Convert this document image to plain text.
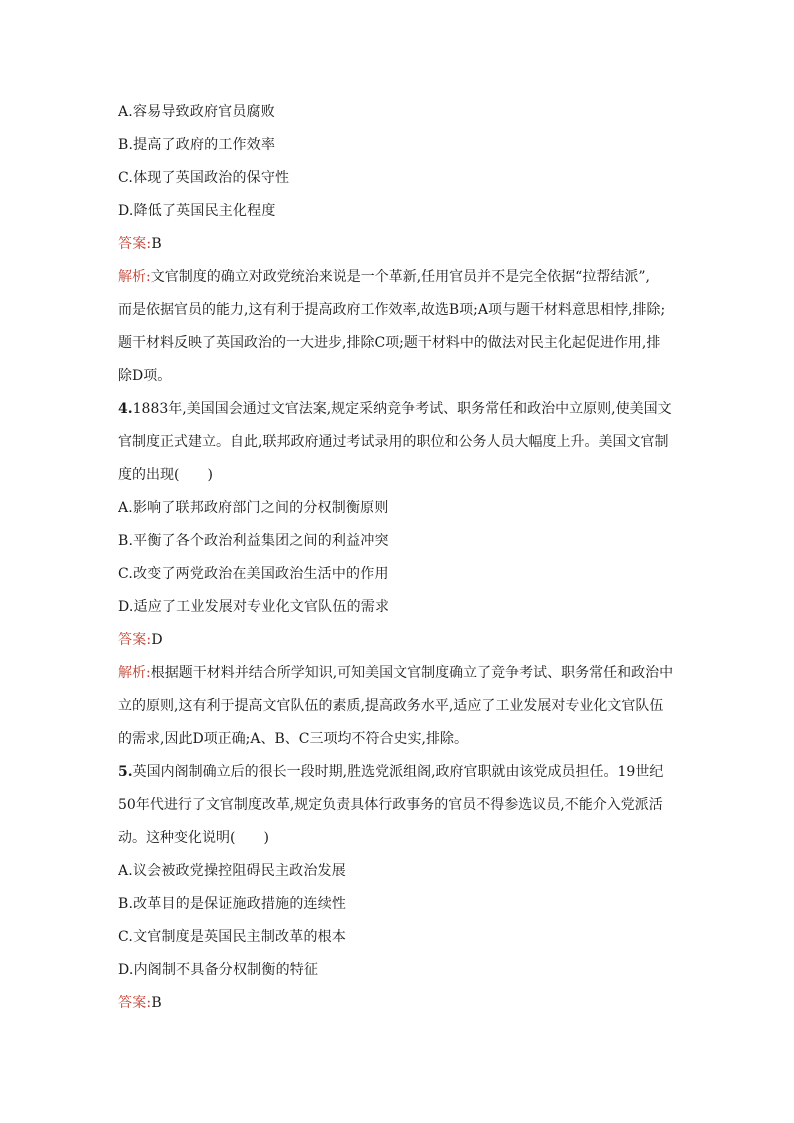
A.容易导致政府官员腐败
B.提高了政府的工作效率
C.体现了英国政治的保守性
D.降低了英国民主化程度
答案:B
解析:文官制度的确立对政党统治来说是一个革新,任用官员并不是完全依据“拉帮结派”,
而是依据官员的能力,这有利于提高政府工作效率,故选B项;A项与题干材料意思相悖,排除;
题干材料反映了英国政治的一大进步,排除C项;题干材料中的做法对民主化起促进作用,排
除D项。
4.1883年,美国国会通过文官法案,规定采纳竞争考试、职务常任和政治中立原则,使美国文
官制度正式建立。自此,联邦政府通过考试录用的职位和公务人员大幅度上升。美国文官制
度的出现(　　)
A.影响了联邦政府部门之间的分权制衡原则
B.平衡了各个政治利益集团之间的利益冲突
C.改变了两党政治在美国政治生活中的作用
D.适应了工业发展对专业化文官队伍的需求
答案:D
解析:根据题干材料并结合所学知识,可知美国文官制度确立了竞争考试、职务常任和政治中
立的原则,这有利于提高文官队伍的素质,提高政务水平,适应了工业发展对专业化文官队伍
的需求,因此D项正确;A、B、C三项均不符合史实,排除。
5.英国内阁制确立后的很长一段时期,胜选党派组阁,政府官职就由该党成员担任。19世纪
50年代进行了文官制度改革,规定负责具体行政事务的官员不得参选议员,不能介入党派活
动。这种变化说明(　　)
A.议会被政党操控阻碍民主政治发展
B.改革目的是保证施政措施的连续性
C.文官制度是英国民主制改革的根本
D.内阁制不具备分权制衡的特征
答案:B
